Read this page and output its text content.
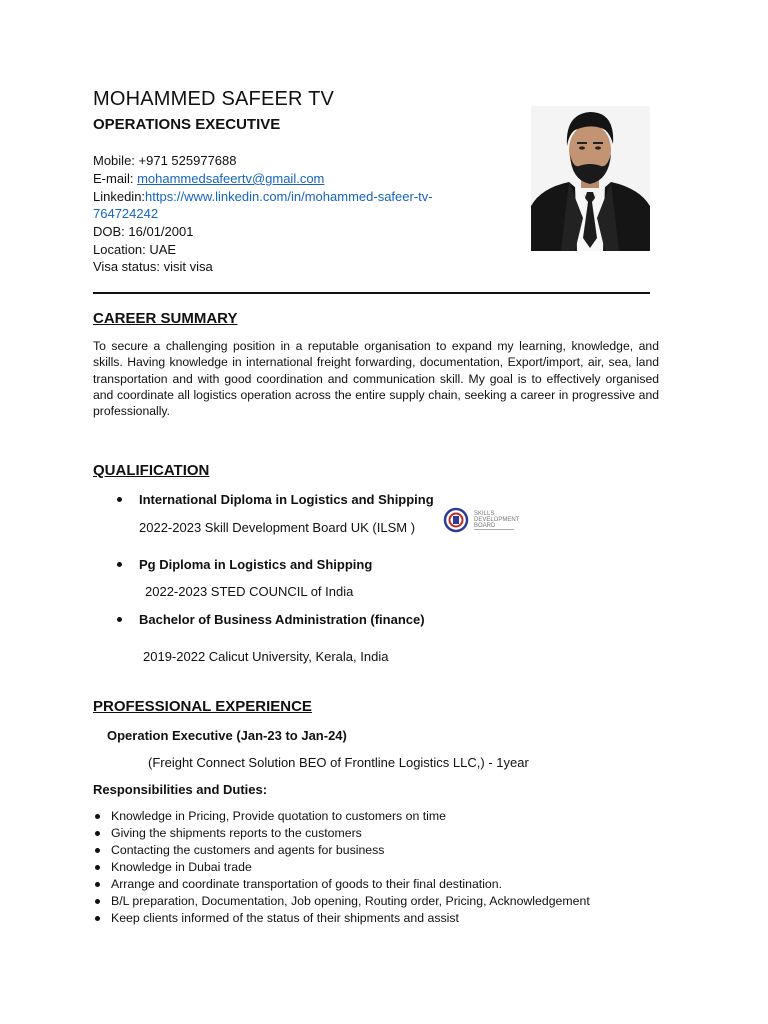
MOHAMMED SAFEER TV
OPERATIONS EXECUTIVE
Mobile: +971 525977688
E-mail: mohammedsafeertv@gmail.com
Linkedin:https://www.linkedin.com/in/mohammed-safeer-tv-
764724242
DOB: 16/01/2001
Location: UAE
Visa status: visit visa
CAREER SUMMARY
To secure a challenging position in a reputable organisation to expand my learning, knowledge, and skills. Having knowledge in international freight forwarding, documentation, Export/import, air, sea, land transportation and with good coordination and communication skill. My goal is to effectively organised and coordinate all logistics operation across the entire supply chain, seeking a career in progressive and professionally.
QUALIFICATION
International Diploma in Logistics and Shipping
2022-2023 Skill Development Board UK (ILSM )
SKILLS
DEVELOPMENT
BOARD
Pg Diploma in Logistics and Shipping
2022-2023 STED COUNCIL of India
Bachelor of Business Administration (finance)
2019-2022 Calicut University, Kerala, India
PROFESSIONAL EXPERIENCE
Operation Executive (Jan-23 to Jan-24)
(Freight Connect Solution BEO of Frontline Logistics LLC,) - 1year
Responsibilities and Duties:
Knowledge in Pricing, Provide quotation to customers on time
Giving the shipments reports to the customers
Contacting the customers and agents for business
Knowledge in Dubai trade
Arrange and coordinate transportation of goods to their final destination.
B/L preparation, Documentation, Job opening, Routing order, Pricing, Acknowledgement
Keep clients informed of the status of their shipments and assist
